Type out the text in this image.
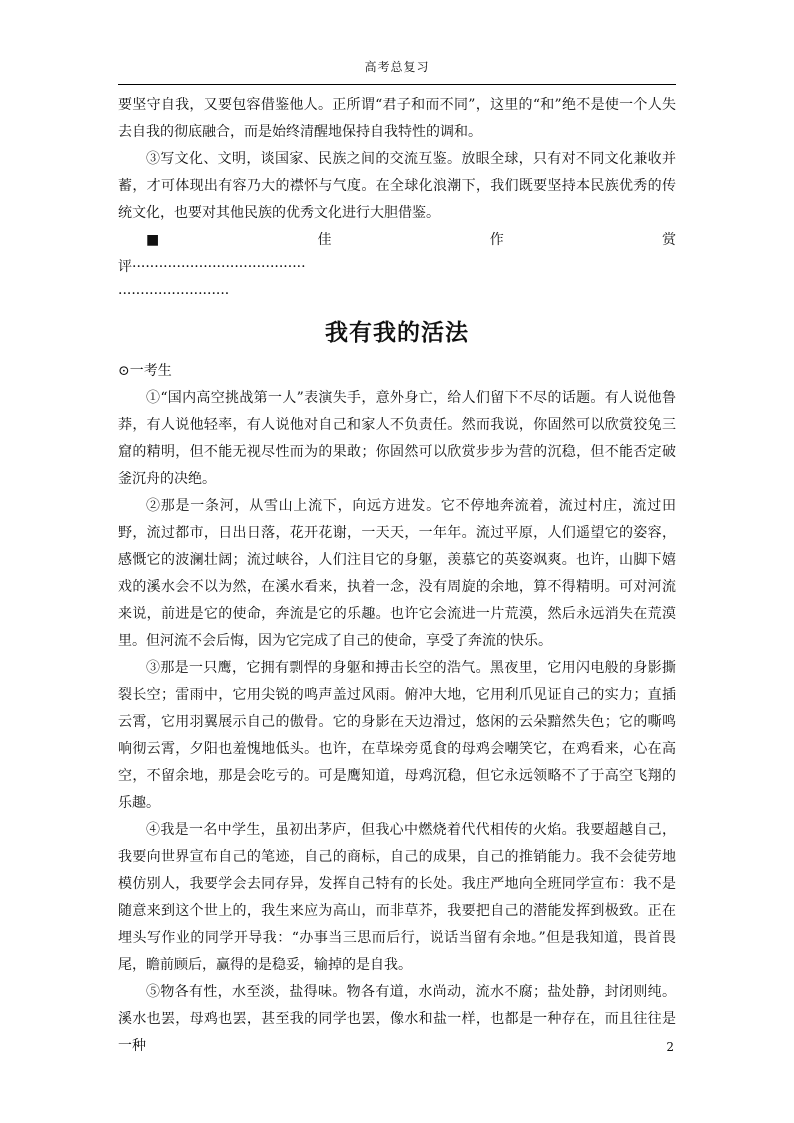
高考总复习

要坚守自我，又要包容借鉴他人。正所谓“君子和而不同”，这里的“和”绝不是使一个人失去自我的彻底融合，而是始终清醒地保持自我特性的调和。

③写文化、文明，谈国家、民族之间的交流互鉴。放眼全球，只有对不同文化兼收并蓄，才可体现出有容乃大的襟怀与气度。在全球化浪潮下，我们既要坚持本民族优秀的传统文化，也要对其他民族的优秀文化进行大胆借鉴。

■	佳	作	赏

评·······································

·························

我有我的活法

⊙一考生

①“国内高空挑战第一人”表演失手，意外身亡，给人们留下不尽的话题。有人说他鲁莽，有人说他轻率，有人说他对自己和家人不负责任。然而我说，你固然可以欣赏狡兔三窟的精明，但不能无视尽性而为的果敢；你固然可以欣赏步步为营的沉稳，但不能否定破釜沉舟的决绝。

②那是一条河，从雪山上流下，向远方进发。它不停地奔流着，流过村庄，流过田野，流过都市，日出日落，花开花谢，一天天，一年年。流过平原，人们遥望它的姿容，感慨它的波澜壮阔；流过峡谷，人们注目它的身躯，羡慕它的英姿飒爽。也许，山脚下嬉戏的溪水会不以为然，在溪水看来，执着一念，没有周旋的余地，算不得精明。可对河流来说，前进是它的使命，奔流是它的乐趣。也许它会流进一片荒漠，然后永远消失在荒漠里。但河流不会后悔，因为它完成了自己的使命，享受了奔流的快乐。

③那是一只鹰，它拥有剽悍的身躯和搏击长空的浩气。黑夜里，它用闪电般的身影撕裂长空；雷雨中，它用尖锐的鸣声盖过风雨。俯冲大地，它用利爪见证自己的实力；直插云霄，它用羽翼展示自己的傲骨。它的身影在天边滑过，悠闲的云朵黯然失色；它的嘶鸣响彻云霄，夕阳也羞愧地低头。也许，在草垛旁觅食的母鸡会嘲笑它，在鸡看来，心在高空，不留余地，那是会吃亏的。可是鹰知道，母鸡沉稳，但它永远领略不了于高空飞翔的乐趣。

④我是一名中学生，虽初出茅庐，但我心中燃烧着代代相传的火焰。我要超越自己，我要向世界宣布自己的笔迹，自己的商标，自己的成果，自己的推销能力。我不会徒劳地模仿别人，我要学会去同存异，发挥自己特有的长处。我庄严地向全班同学宣布：我不是随意来到这个世上的，我生来应为高山，而非草芥，我要把自己的潜能发挥到极致。正在埋头写作业的同学开导我：“办事当三思而后行，说话当留有余地。”但是我知道，畏首畏尾，瞻前顾后，赢得的是稳妥，输掉的是自我。

⑤物各有性，水至淡，盐得味。物各有道，水尚动，流水不腐；盐处静，封闭则纯。溪水也罢，母鸡也罢，甚至我的同学也罢，像水和盐一样，也都是一种存在，而且往往是一种	2
